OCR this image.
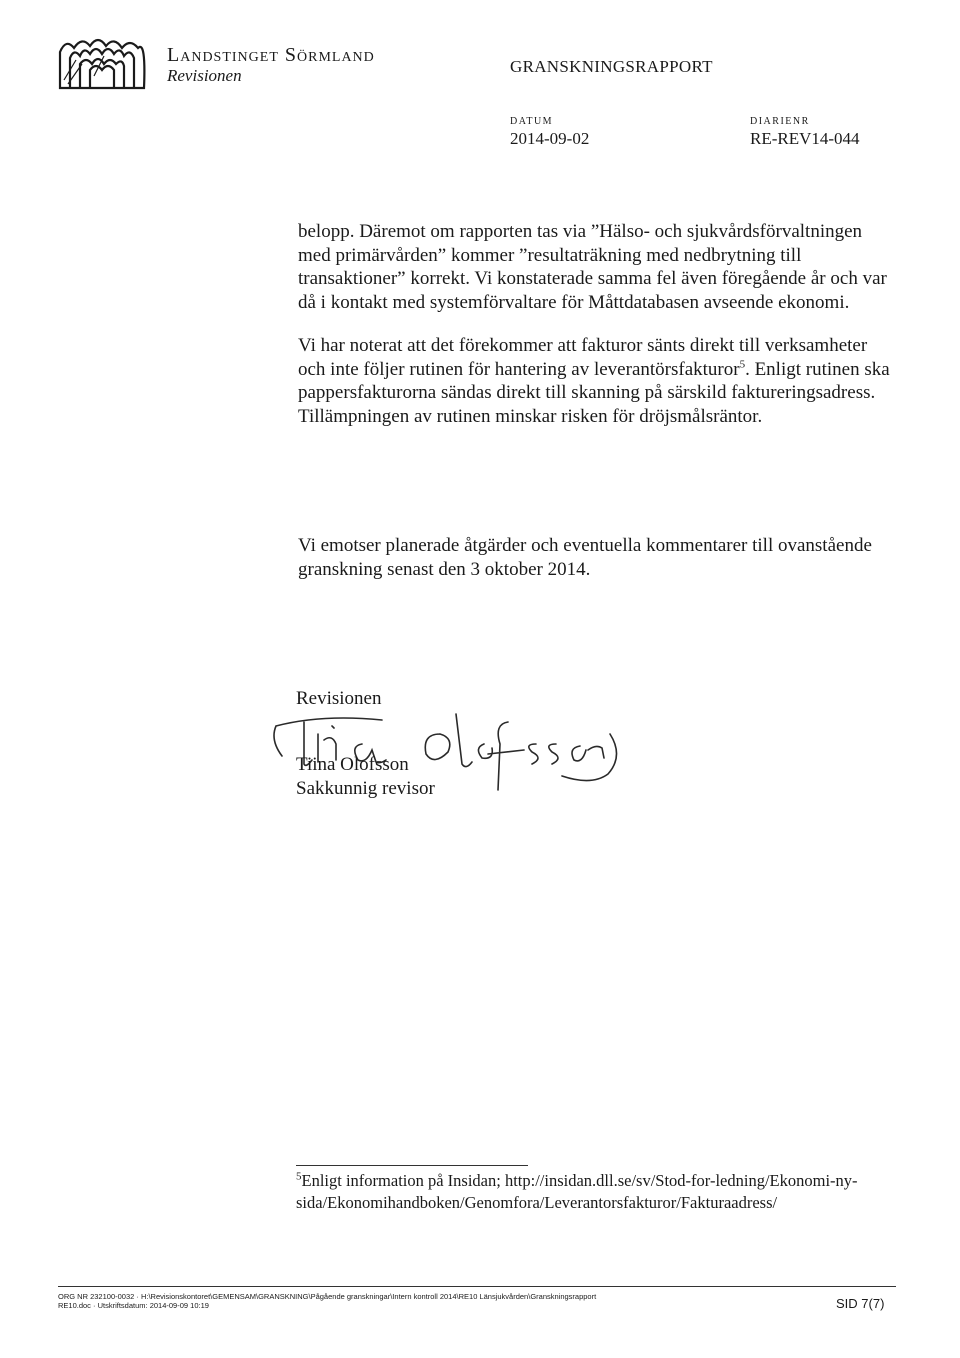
Landstinget Sörmland
Revisionen	GRANSKNINGSRAPPORT
DATUM
2014-09-02
DIARIENR
RE-REV14-044
belopp. Däremot om rapporten tas via ”Hälso- och sjukvårdsförvaltningen med primärvården” kommer ”resultaträkning med nedbrytning till transaktioner” korrekt. Vi konstaterade samma fel även föregående år och var då i kontakt med systemförvaltare för Måttdatabasen avseende ekonomi.
Vi har noterat att det förekommer att fakturor sänts direkt till verksamheter och inte följer rutinen för hantering av leverantörsfakturor$^5$. Enligt rutinen ska pappersfakturorna sändas direkt till skanning på särskild faktureringsadress. Tillämpningen av rutinen minskar risken för dröjsmålsräntor.
Vi emotser planerade åtgärder och eventuella kommentarer till ovanstående granskning senast den 3 oktober 2014.
Revisionen
Tiina Olofsson
Sakkunnig revisor
$^5$Enligt information på Insidan; http://insidan.dll.se/sv/Stod-for-ledning/Ekonomi-ny-sida/Ekonomihandboken/Genomfora/Leverantorsfakturor/Fakturaadress/
ORG NR 232100-0032 · H:\Revisionskontoret\GEMENSAM\GRANSKNING\Pågående granskningar\Intern kontroll 2014\RE10 Länsjukvården\Granskningsrapport
RE10.doc · Utskriftsdatum: 2014-09-09 10:19	SID 7(7)
